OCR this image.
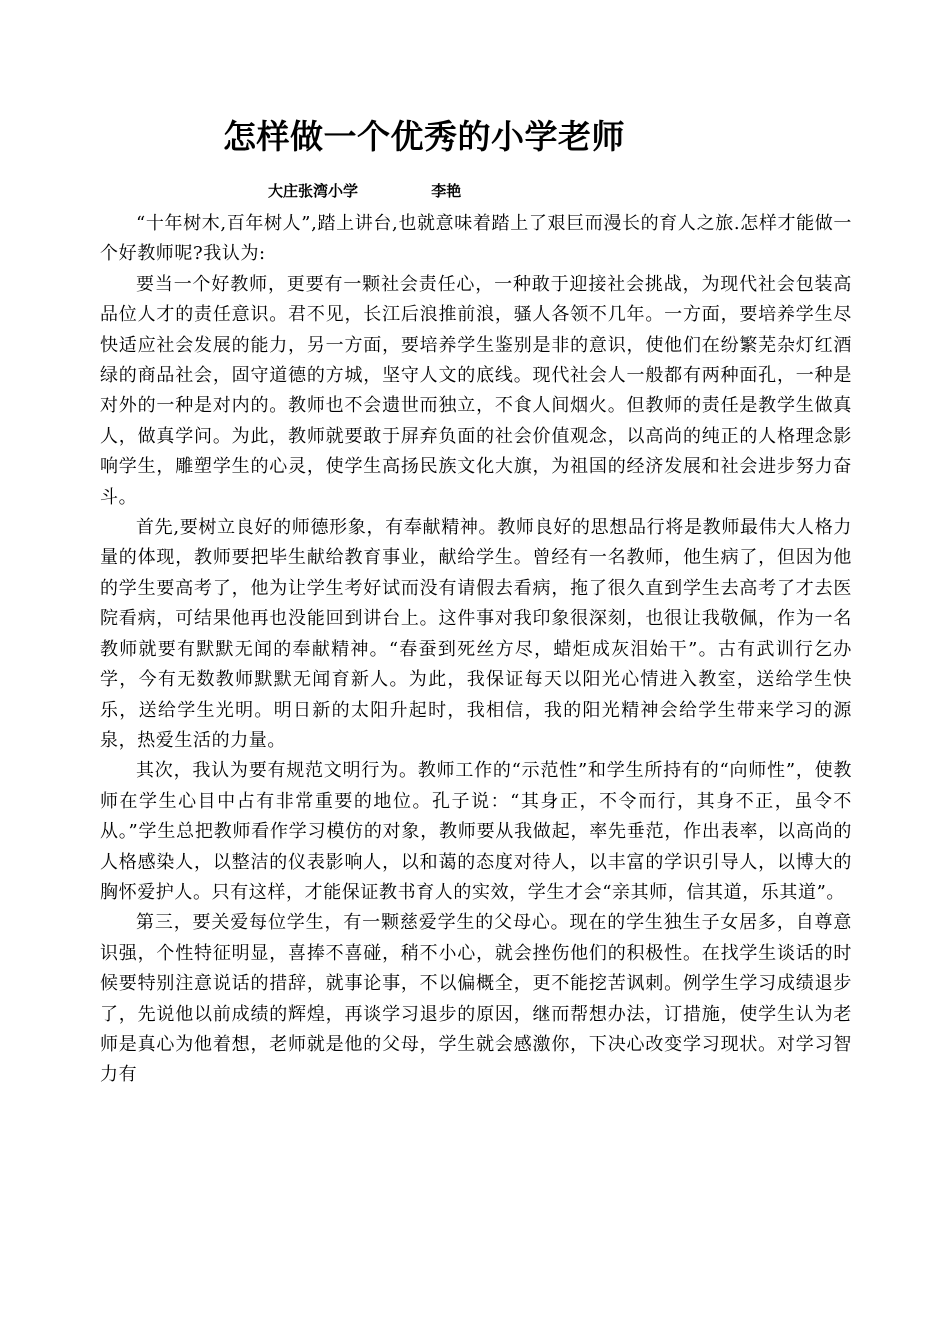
怎样做一个优秀的小学老师
大庄张湾小学	李艳

“十年树木,百年树人”,踏上讲台,也就意味着踏上了艰巨而漫长的育人之旅.怎样才能做一个好教师呢?我认为:

要当一个好教师，更要有一颗社会责任心，一种敢于迎接社会挑战，为现代社会包装高品位人才的责任意识。君不见，长江后浪推前浪，骚人各领不几年。一方面，要培养学生尽快适应社会发展的能力，另一方面，要培养学生鉴别是非的意识，使他们在纷繁芜杂灯红酒绿的商品社会，固守道德的方城，坚守人文的底线。现代社会人一般都有两种面孔，一种是对外的一种是对内的。教师也不会遗世而独立，不食人间烟火。但教师的责任是教学生做真人，做真学问。为此，教师就要敢于屏弃负面的社会价值观念，以高尚的纯正的人格理念影响学生，雕塑学生的心灵，使学生高扬民族文化大旗，为祖国的经济发展和社会进步努力奋斗。

首先,要树立良好的师德形象，有奉献精神。教师良好的思想品行将是教师最伟大人格力量的体现，教师要把毕生献给教育事业，献给学生。曾经有一名教师，他生病了，但因为他的学生要高考了，他为让学生考好试而没有请假去看病，拖了很久直到学生去高考了才去医院看病，可结果他再也没能回到讲台上。这件事对我印象很深刻，也很让我敬佩，作为一名教师就要有默默无闻的奉献精神。“春蚕到死丝方尽，蜡炬成灰泪始干”。古有武训行乞办学，今有无数教师默默无闻育新人。为此，我保证每天以阳光心情进入教室，送给学生快乐，送给学生光明。明日新的太阳升起时，我相信，我的阳光精神会给学生带来学习的源泉，热爱生活的力量。

其次，我认为要有规范文明行为。教师工作的“示范性”和学生所持有的“向师性”，使教师在学生心目中占有非常重要的地位。孔子说：“其身正，不令而行，其身不正，虽令不从。”学生总把教师看作学习模仿的对象，教师要从我做起，率先垂范，作出表率，以高尚的人格感染人，以整洁的仪表影响人，以和蔼的态度对待人，以丰富的学识引导人，以博大的胸怀爱护人。只有这样，才能保证教书育人的实效，学生才会“亲其师，信其道，乐其道”。

第三，要关爱每位学生，有一颗慈爱学生的父母心。现在的学生独生子女居多，自尊意识强，个性特征明显，喜捧不喜碰，稍不小心，就会挫伤他们的积极性。在找学生谈话的时候要特别注意说话的措辞，就事论事，不以偏概全，更不能挖苦讽刺。例学生学习成绩退步了，先说他以前成绩的辉煌，再谈学习退步的原因，继而帮想办法，订措施，使学生认为老师是真心为他着想，老师就是他的父母，学生就会感激你，下决心改变学习现状。对学习智力有
